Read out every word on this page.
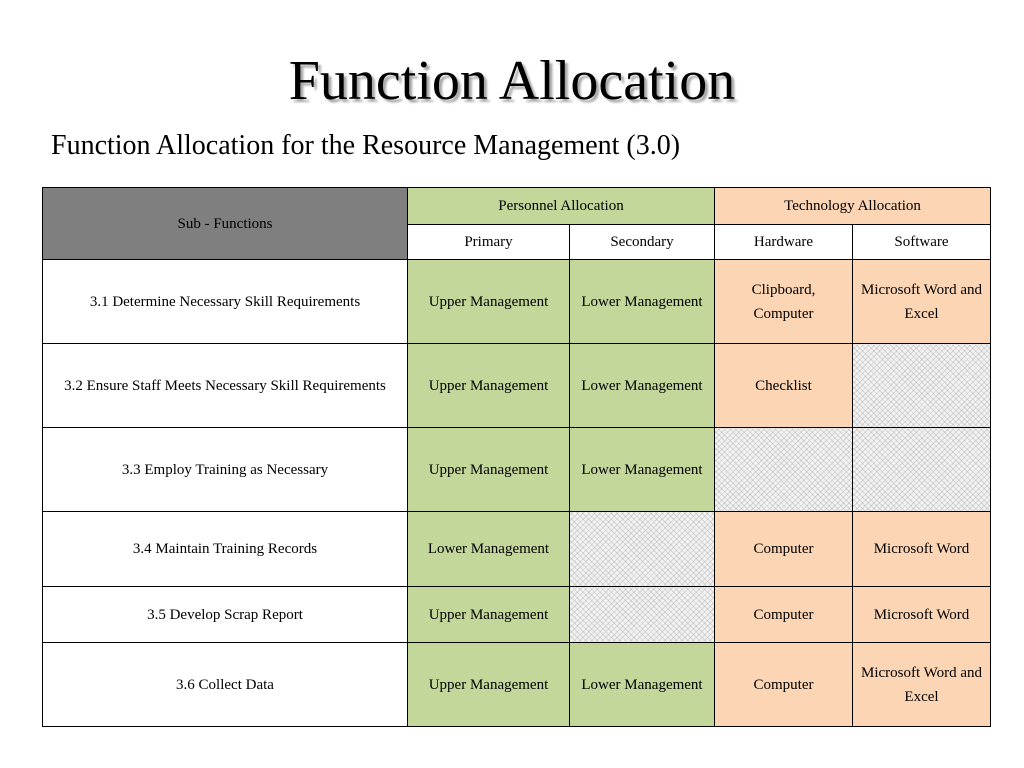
Function Allocation
Function Allocation for the Resource Management (3.0)
Sub - Functions	Personnel Allocation		Technology Allocation	
	Primary	Secondary	Hardware	Software
3.1 Determine Necessary Skill Requirements	Upper Management	Lower Management	Clipboard, Computer	Microsoft Word and Excel
3.2 Ensure Staff Meets Necessary Skill Requirements	Upper Management	Lower Management	Checklist	
3.3 Employ Training as Necessary	Upper Management	Lower Management		
3.4 Maintain Training Records	Lower Management		Computer	Microsoft Word
3.5 Develop Scrap Report	Upper Management		Computer	Microsoft Word
3.6 Collect Data	Upper Management	Lower Management	Computer	Microsoft Word and Excel
